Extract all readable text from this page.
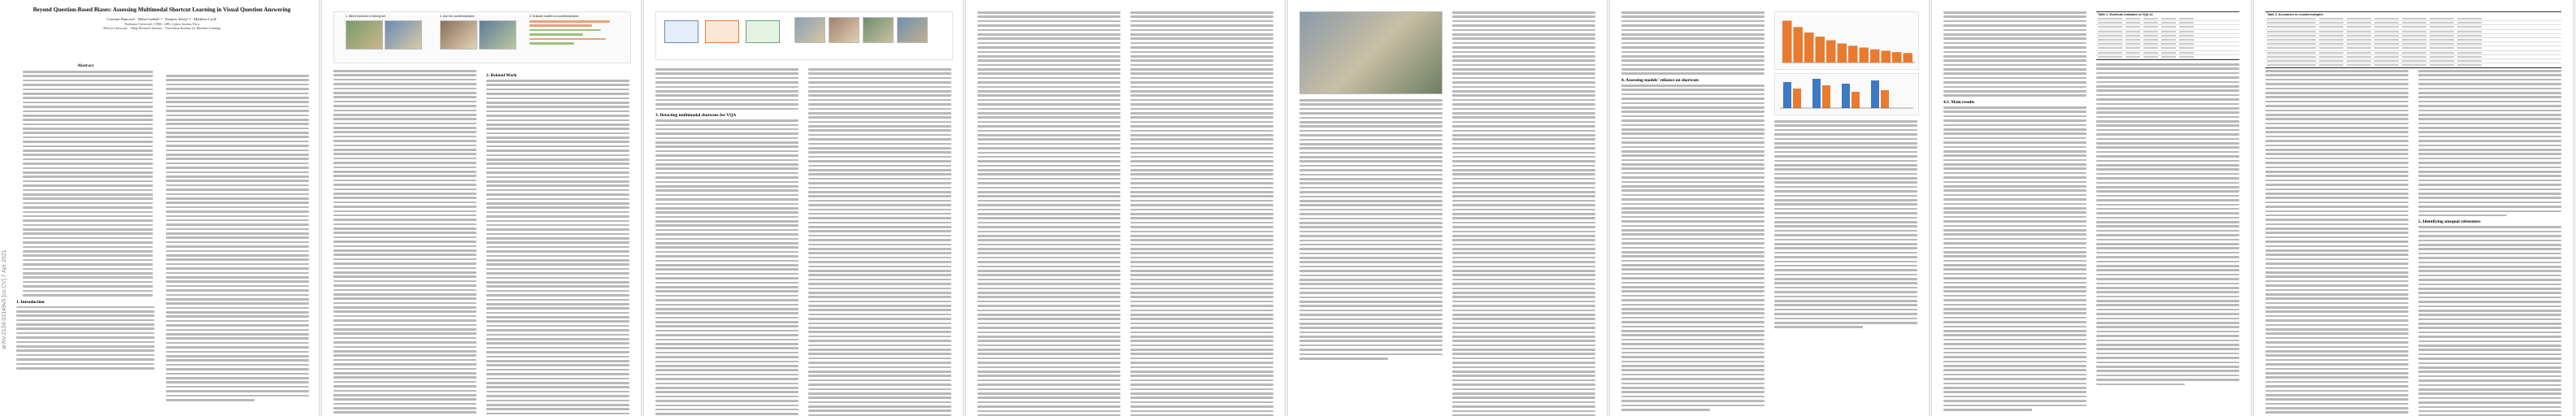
arXiv:2104.03149v3 [cs.CV] 7 Apr 2021
Beyond Question-Based Biases: Assessing Multimodal Shortcut Learning in Visual Question Answering
Corentin Dancette¹ · Rémi Cadène¹·² · Damien Teney³·⁴ · Matthieu Cord¹
¹Sorbonne Université, CNRS, LIP6, 4 place Jussieu, Paris
²Brown University · ³Idiap Research Institute · ⁴Australian Institute for Machine Learning
Abstract
1. Introduction
1. Mined shortcuts in training set	2. Use the counterexamples	3. Evaluate models on counterexamples
2. Related Work
3. Detecting multimodal shortcuts for VQA
4. Assessing models' reliance on shortcuts
Table 1. Shortcuts evaluated on VQA v2
4.3. Main results
Table 2. Accuracies on counterexamples
5. Identifying unequal robustness
